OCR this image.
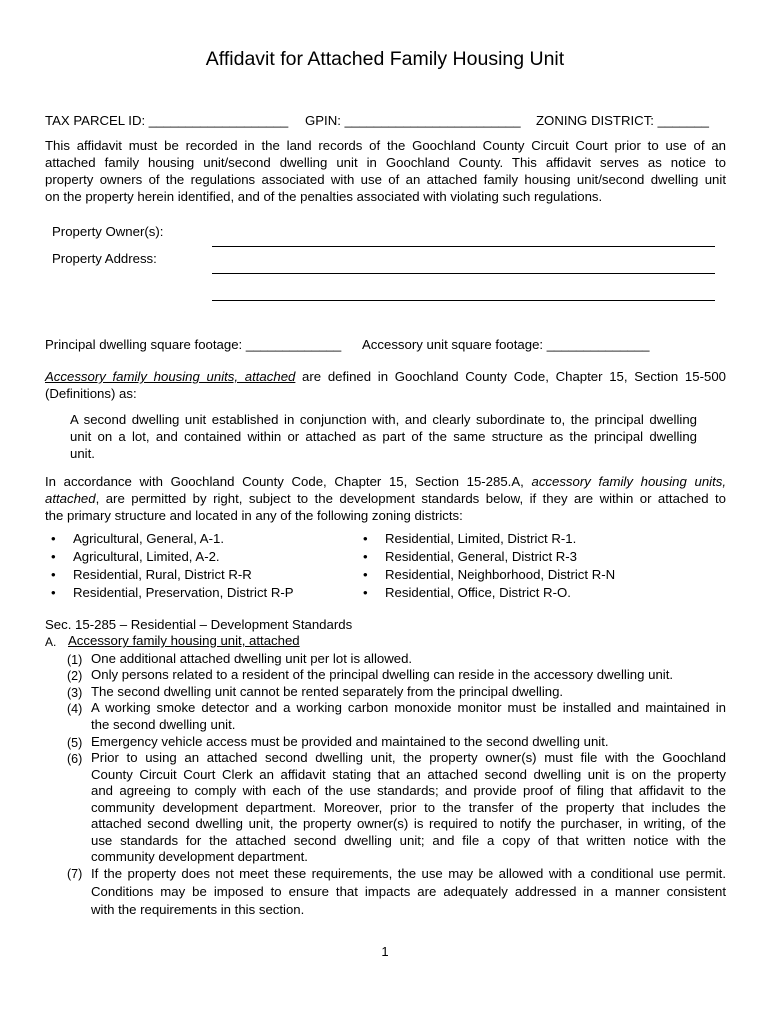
Affidavit for Attached Family Housing Unit
TAX PARCEL ID: ___________________ GPIN: ________________________ ZONING DISTRICT: _______
This affidavit must be recorded in the land records of the Goochland County Circuit Court prior to use of an
attached family housing unit/second dwelling unit in Goochland County. This affidavit serves as notice to
property owners of the regulations associated with use of an attached family housing unit/second dwelling unit
on the property herein identified, and of the penalties associated with violating such regulations.
Property Owner(s):
Property Address:
Principal dwelling square footage: _____________ Accessory unit square footage: ______________
Accessory family housing units, attached are defined in Goochland County Code, Chapter 15, Section 15-500
(Definitions) as:
A second dwelling unit established in conjunction with, and clearly subordinate to, the principal dwelling
unit on a lot, and contained within or attached as part of the same structure as the principal dwelling
unit.
In accordance with Goochland County Code, Chapter 15, Section 15-285.A, accessory family housing units,
attached, are permitted by right, subject to the development standards below, if they are within or attached to
the primary structure and located in any of the following zoning districts:
• Agricultural, General, A-1.
• Agricultural, Limited, A-2.
• Residential, Rural, District R-R
• Residential, Preservation, District R-P
• Residential, Limited, District R-1.
• Residential, General, District R-3
• Residential, Neighborhood, District R-N
• Residential, Office, District R-O.
Sec. 15-285 – Residential – Development Standards
A. Accessory family housing unit, attached
(1) One additional attached dwelling unit per lot is allowed.
(2) Only persons related to a resident of the principal dwelling can reside in the accessory dwelling unit.
(3) The second dwelling unit cannot be rented separately from the principal dwelling.
(4) A working smoke detector and a working carbon monoxide monitor must be installed and maintained in
the second dwelling unit.
(5) Emergency vehicle access must be provided and maintained to the second dwelling unit.
(6) Prior to using an attached second dwelling unit, the property owner(s) must file with the Goochland
County Circuit Court Clerk an affidavit stating that an attached second dwelling unit is on the property
and agreeing to comply with each of the use standards; and provide proof of filing that affidavit to the
community development department. Moreover, prior to the transfer of the property that includes the
attached second dwelling unit, the property owner(s) is required to notify the purchaser, in writing, of the
use standards for the attached second dwelling unit; and file a copy of that written notice with the
community development department.
(7) If the property does not meet these requirements, the use may be allowed with a conditional use permit.
Conditions may be imposed to ensure that impacts are adequately addressed in a manner consistent
with the requirements in this section.
1
